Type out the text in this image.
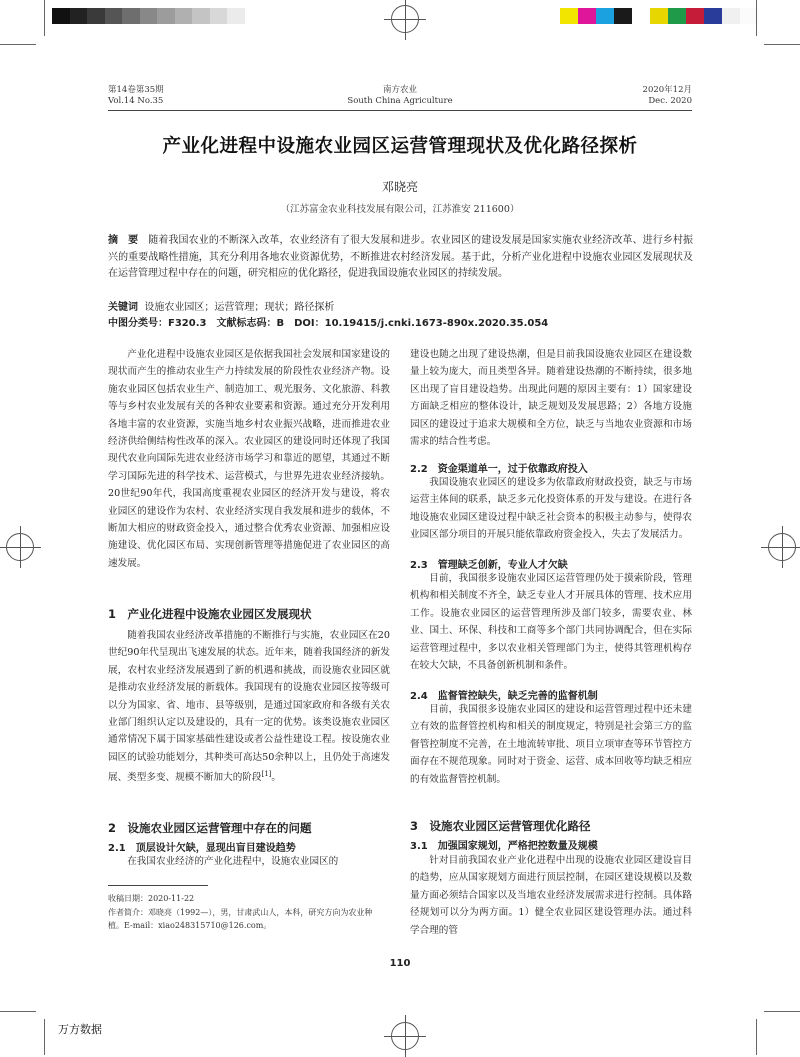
第14卷第35期
Vol.14 No.35
南方农业
South China Agriculture
2020年12月
Dec. 2020
产业化进程中设施农业园区运营管理现状及优化路径探析
邓晓亮
（江苏富金农业科技发展有限公司，江苏淮安 211600）
摘　要 随着我国农业的不断深入改革，农业经济有了很大发展和进步。农业园区的建设发展是国家实施农业经济改革、进行乡村振兴的重要战略性措施，其充分利用各地农业资源优势，不断推进农村经济发展。基于此，分析产业化进程中设施农业园区发展现状及在运营管理过程中存在的问题，研究相应的优化路径，促进我国设施农业园区的持续发展。
关键词 设施农业园区；运营管理；现状；路径探析
中图分类号：F320.3　文献标志码：B　DOI：10.19415/j.cnki.1673-890x.2020.35.054

产业化进程中设施农业园区是依据我国社会发展和国家建设的现状而产生的推动农业生产力持续发展的阶段性农业经济产物。设施农业园区包括农业生产、制造加工、观光服务、文化旅游、科教等与乡村农业发展有关的各种农业要素和资源。通过充分开发利用各地丰富的农业资源，实施当地乡村农业振兴战略，进而推进农业经济供给侧结构性改革的深入。农业园区的建设同时还体现了我国现代农业向国际先进农业经济市场学习和靠近的愿望，其通过不断学习国际先进的科学技术、运营模式，与世界先进农业经济接轨。20世纪90年代，我国高度重视农业园区的经济开发与建设，将农业园区的建设作为农村、农业经济实现自我发展和进步的载体，不断加大相应的财政资金投入，通过整合优秀农业资源、加强相应设施建设、优化园区布局、实现创新管理等措施促进了农业园区的高速发展。

1　产业化进程中设施农业园区发展现状

随着我国农业经济改革措施的不断推行与实施，农业园区在20世纪90年代呈现出飞速发展的状态。近年来，随着我国经济的新发展，农村农业经济发展遇到了新的机遇和挑战，而设施农业园区就是推动农业经济发展的新载体。我国现有的设施农业园区按等级可以分为国家、省、地市、县等级别，是通过国家政府和各级有关农业部门组织认定以及建设的，具有一定的优势。该类设施农业园区通常情况下属于国家基础性建设或者公益性建设工程。按设施农业园区的试验功能划分，其种类可高达50余种以上，且仍处于高速发展、类型多变、规模不断加大的阶段[1]。

2　设施农业园区运营管理中存在的问题
2.1　顶层设计欠缺，显现出盲目建设趋势

在我国农业经济的产业化进程中，设施农业园区的

收稿日期：2020-11-22
作者简介：邓晓亮（1992—），男，甘肃武山人，本科，研究方向为农业种植。E-mail：xiao248315710@126.com。

建设也随之出现了建设热潮，但是目前我国设施农业园区在建设数量上较为庞大，而且类型各异。随着建设热潮的不断持续，很多地区出现了盲目建设趋势。出现此问题的原因主要有：1）国家建设方面缺乏相应的整体设计，缺乏规划及发展思路；2）各地方设施园区的建设过于追求大规模和全方位，缺乏与当地农业资源和市场需求的结合性考虑。

2.2　资金渠道单一，过于依靠政府投入

我国设施农业园区的建设多为依靠政府财政投资，缺乏与市场运营主体间的联系，缺乏多元化投资体系的开发与建设。在进行各地设施农业园区建设过程中缺乏社会资本的积极主动参与，使得农业园区部分项目的开展只能依靠政府资金投入，失去了发展活力。

2.3　管理缺乏创新，专业人才欠缺

目前，我国很多设施农业园区运营管理仍处于摸索阶段，管理机构和相关制度不齐全，缺乏专业人才开展具体的管理、技术应用工作。设施农业园区的运营管理所涉及部门较多，需要农业、林业、国土、环保、科技和工商等多个部门共同协调配合，但在实际运营管理过程中，多以农业相关管理部门为主，使得其管理机构存在较大欠缺，不具备创新机制和条件。

2.4　监督管控缺失，缺乏完善的监督机制

目前，我国很多设施农业园区的建设和运营管理过程中还未建立有效的监督管控机构和相关的制度规定，特别是社会第三方的监督管控制度不完善，在土地流转审批、项目立项审查等环节管控方面存在不规范现象。同时对于资金、运营、成本回收等均缺乏相应的有效监督管控机制。

3　设施农业园区运营管理优化路径
3.1　加强国家规划，严格把控数量及规模

针对目前我国农业产业化进程中出现的设施农业园区建设盲目的趋势，应从国家规划方面进行顶层控制，在园区建设规模以及数量方面必须结合国家以及当地农业经济发展需求进行控制。具体路径规划可以分为两方面。1）健全农业园区建设管理办法。通过科学合理的管

110
万方数据
